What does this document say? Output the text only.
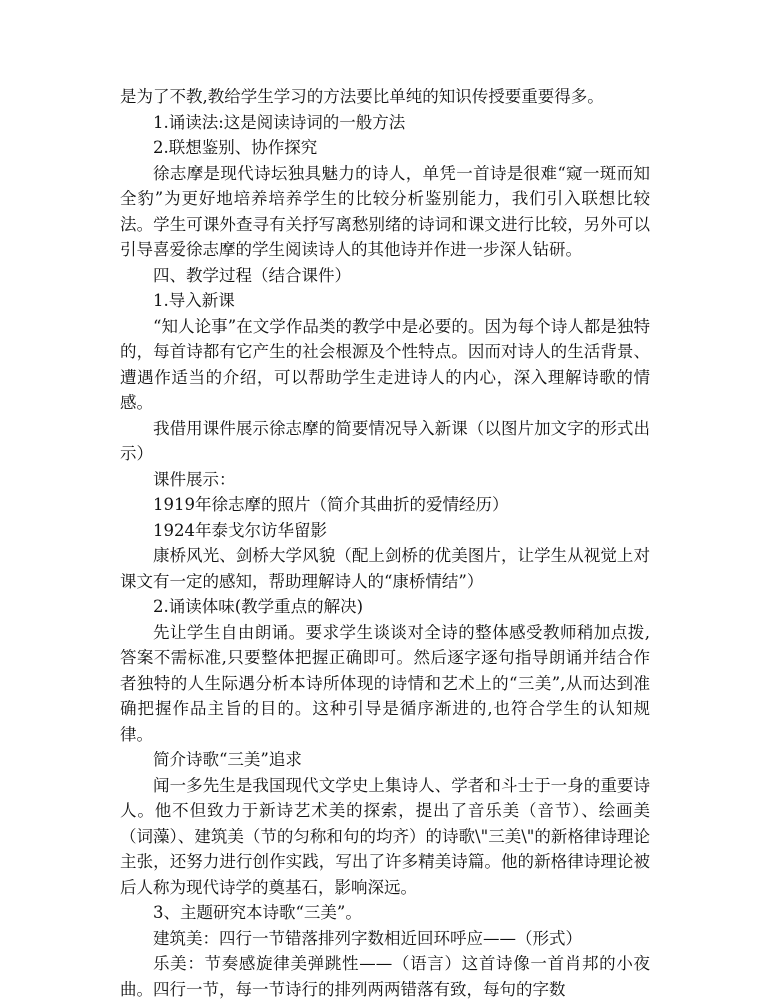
是为了不教,教给学生学习的方法要比单纯的知识传授要重要得多。

1.诵读法:这是阅读诗词的一般方法

2.联想鉴别、协作探究

徐志摩是现代诗坛独具魅力的诗人，单凭一首诗是很难“窥一斑而知全豹”为更好地培养培养学生的比较分析鉴别能力，我们引入联想比较法。学生可课外查寻有关抒写离愁别绪的诗词和课文进行比较，另外可以引导喜爱徐志摩的学生阅读诗人的其他诗并作进一步深人钻研。

四、教学过程（结合课件）

1.导入新课

“知人论事”在文学作品类的教学中是必要的。因为每个诗人都是独特的，每首诗都有它产生的社会根源及个性特点。因而对诗人的生活背景、遭遇作适当的介绍，可以帮助学生走进诗人的内心，深入理解诗歌的情感。

我借用课件展示徐志摩的简要情况导入新课（以图片加文字的形式出示）

课件展示：

1919年徐志摩的照片（简介其曲折的爱情经历）

1924年泰戈尔访华留影

康桥风光、剑桥大学风貌（配上剑桥的优美图片，让学生从视觉上对课文有一定的感知，帮助理解诗人的“康桥情结”）

2.诵读体味(教学重点的解决)

先让学生自由朗诵。要求学生谈谈对全诗的整体感受教师稍加点拨,答案不需标准,只要整体把握正确即可。然后逐字逐句指导朗诵并结合作者独特的人生际遇分析本诗所体现的诗情和艺术上的“三美”,从而达到准确把握作品主旨的目的。这种引导是循序渐进的,也符合学生的认知规律。

简介诗歌“三美”追求

闻一多先生是我国现代文学史上集诗人、学者和斗士于一身的重要诗人。他不但致力于新诗艺术美的探索，提出了音乐美（音节）、绘画美（词藻）、建筑美（节的匀称和句的均齐）的诗歌\"三美\"的新格律诗理论主张，还努力进行创作实践，写出了许多精美诗篇。他的新格律诗理论被后人称为现代诗学的奠基石，影响深远。

3、主题研究本诗歌“三美”。

建筑美：四行一节错落排列字数相近回环呼应——（形式）

乐美：节奏感旋律美弹跳性——（语言）这首诗像一首肖邦的小夜曲。四行一节，每一节诗行的排列两两错落有致，每句的字数
